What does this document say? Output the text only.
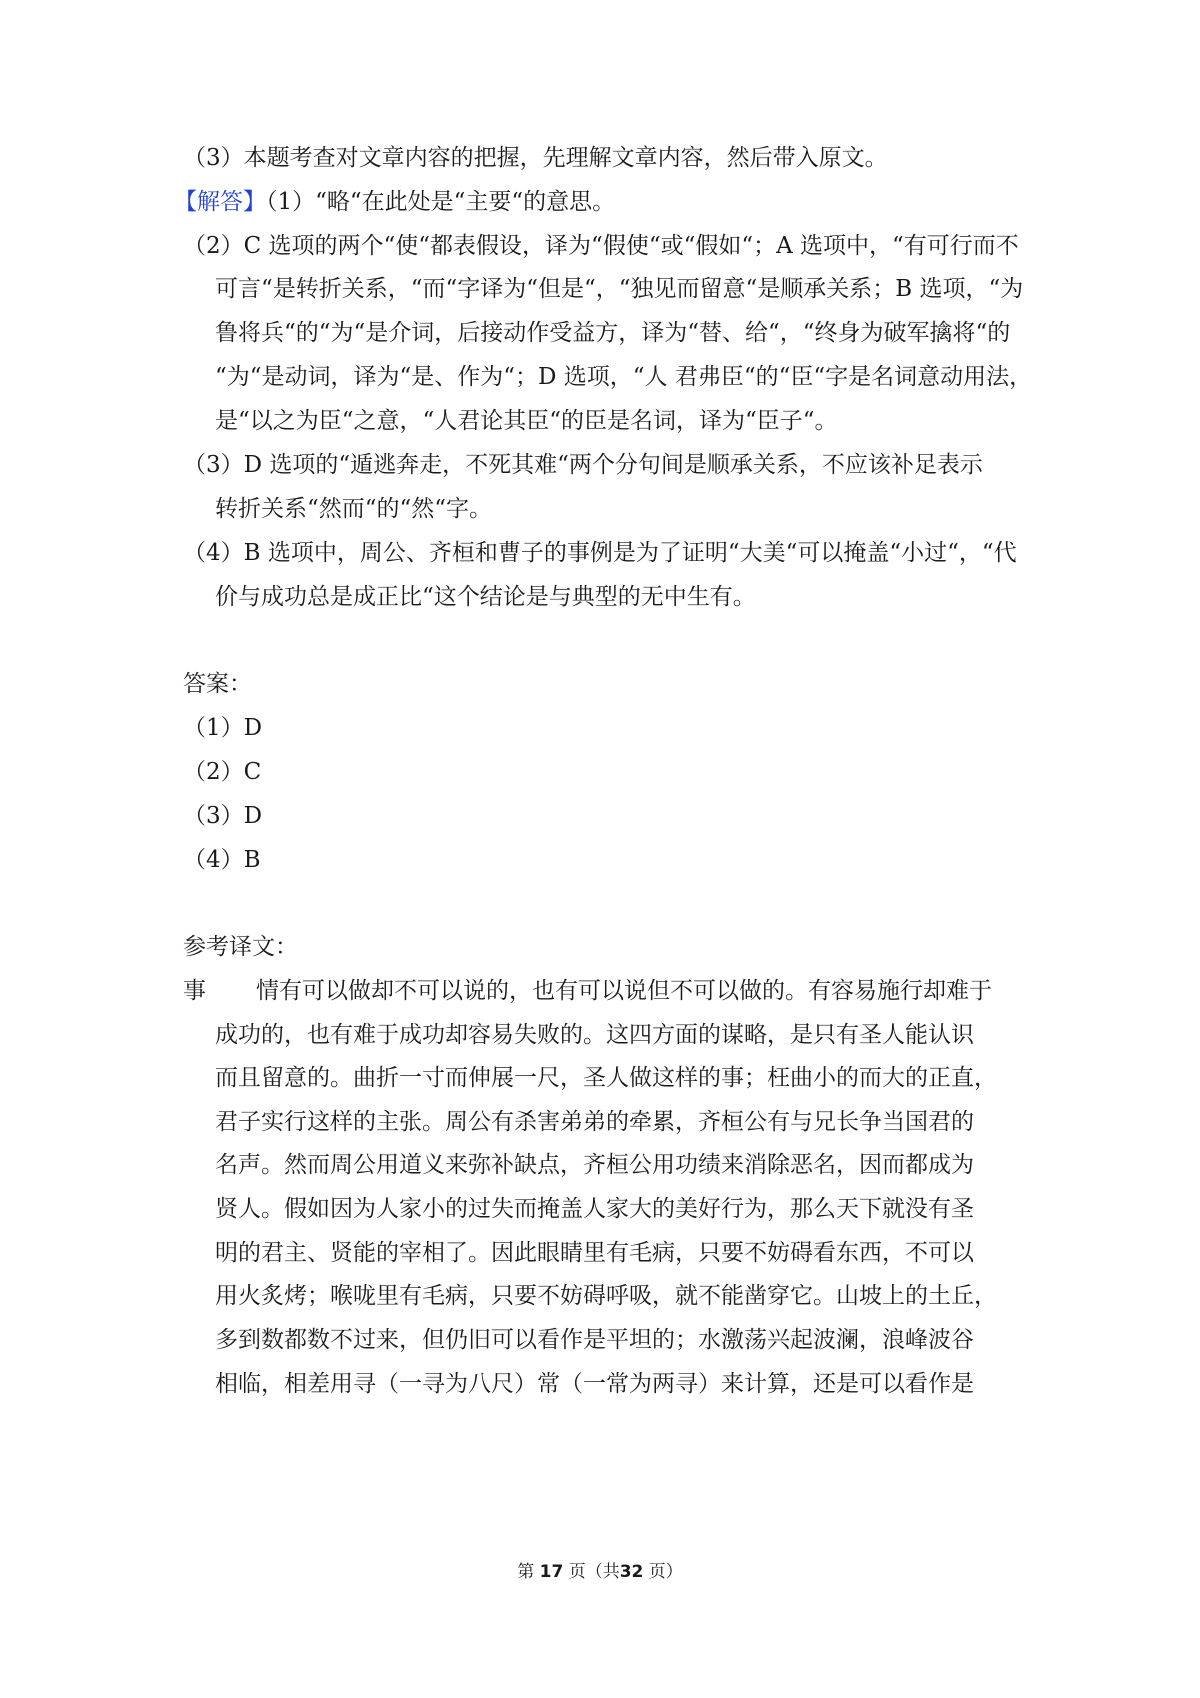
（3）本题考查对文章内容的把握，先理解文章内容，然后带入原文。
【解答】（1）“略“在此处是“主要“的意思。
（2）C 选项的两个“使“都表假设，译为“假使“或“假如“；A 选项中，“有可行而不
可言“是转折关系，“而“字译为“但是“，“独见而留意“是顺承关系；B 选项，“为
鲁将兵“的“为“是介词，后接动作受益方，译为“替、给“，“终身为破军擒将“的
“为“是动词，译为“是、作为“；D 选项，“人 君弗臣“的“臣“字是名词意动用法，
是“以之为臣“之意，“人君论其臣“的臣是名词，译为“臣子“。
（3）D 选项的“遁逃奔走，不死其难“两个分句间是顺承关系，不应该补足表示
转折关系“然而“的“然“字。
（4）B 选项中，周公、齐桓和曹子的事例是为了证明“大美“可以掩盖“小过“，“代
价与成功总是成正比“这个结论是与典型的无中生有。
答案：
（1）D
（2）C
（3）D
（4）B
参考译文：
事 情有可以做却不可以说的，也有可以说但不可以做的。有容易施行却难于
成功的，也有难于成功却容易失败的。这四方面的谋略，是只有圣人能认识
而且留意的。曲折一寸而伸展一尺，圣人做这样的事；枉曲小的而大的正直，
君子实行这样的主张。周公有杀害弟弟的牵累，齐桓公有与兄长争当国君的
名声。然而周公用道义来弥补缺点，齐桓公用功绩来消除恶名，因而都成为
贤人。假如因为人家小的过失而掩盖人家大的美好行为，那么天下就没有圣
明的君主、贤能的宰相了。因此眼睛里有毛病，只要不妨碍看东西，不可以
用火炙烤；喉咙里有毛病，只要不妨碍呼吸，就不能凿穿它。山坡上的土丘，
多到数都数不过来，但仍旧可以看作是平坦的；水激荡兴起波澜，浪峰波谷
相临，相差用寻（一寻为八尺）常（一常为两寻）来计算，还是可以看作是
第 17 页（共32 页）
